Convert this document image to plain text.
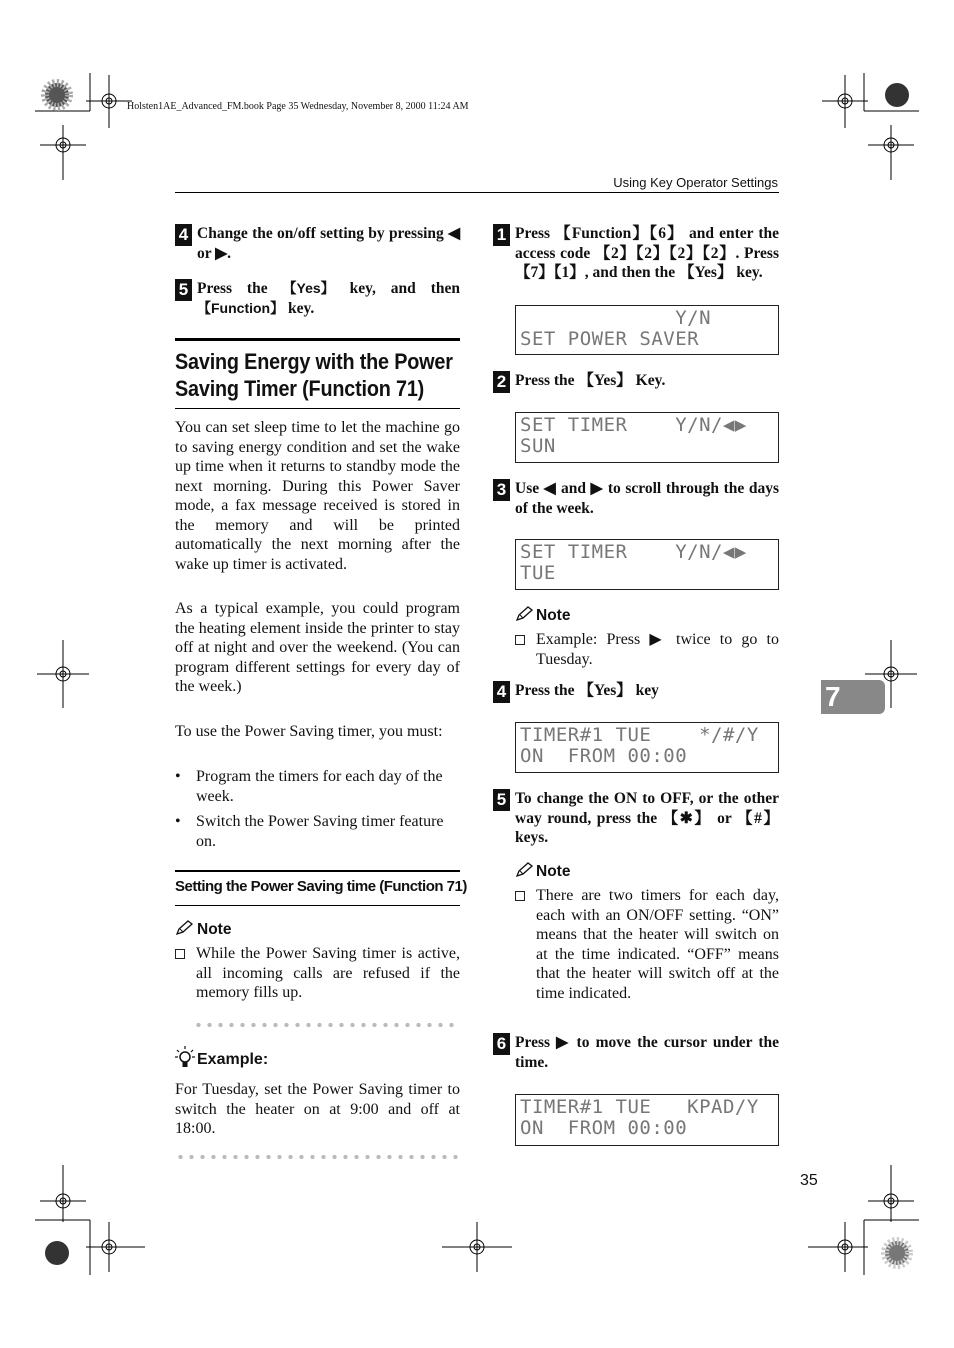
Holsten1AE_Advanced_FM.book Page 35 Wednesday, November 8, 2000 11:24 AM
Using Key Operator Settings
4 Change the on/off setting by pressing ◀ or ▶.
5 Press the 【Yes】 key, and then 【Function】 key.
Saving Energy with the Power Saving Timer (Function 71)
You can set sleep time to let the machine go to saving energy condition and set the wake up time when it returns to standby mode the next morning. During this Power Saver mode, a fax message received is stored in the memory and will be printed automatically the next morning after the wake up timer is activated.
As a typical example, you could program the heating element inside the printer to stay off at night and over the weekend. (You can program different settings for every day of the week.)
To use the Power Saving timer, you must:
• Program the timers for each day of the week.
• Switch the Power Saving timer feature on.
Setting the Power Saving time (Function 71)
Note
While the Power Saving timer is active, all incoming calls are refused if the memory fills up.
Example:
For Tuesday, set the Power Saving timer to switch the heater on at 9:00 and off at 18:00.
1 Press 【Function】【6】 and enter the access code 【2】【2】【2】【2】. Press 【7】【1】, and then the 【Yes】 key.
Y/N
SET POWER SAVER
2 Press the 【Yes】 Key.
SET TIMER    Y/N/◀▶
SUN
3 Use ◀ and ▶ to scroll through the days of the week.
SET TIMER    Y/N/◀▶
TUE
Note
Example: Press ▶ twice to go to Tuesday.
4 Press the 【Yes】 key
TIMER#1 TUE    */#/Y
ON  FROM 00:00
5 To change the ON to OFF, or the other way round, press the 【✱】 or 【#】 keys.
Note
There are two timers for each day, each with an ON/OFF setting. “ON” means that the heater will switch on at the time indicated. “OFF” means that the heater will switch off at the time indicated.
6 Press ▶ to move the cursor under the time.
TIMER#1 TUE   KPAD/Y
ON  FROM 00:00
7
35
